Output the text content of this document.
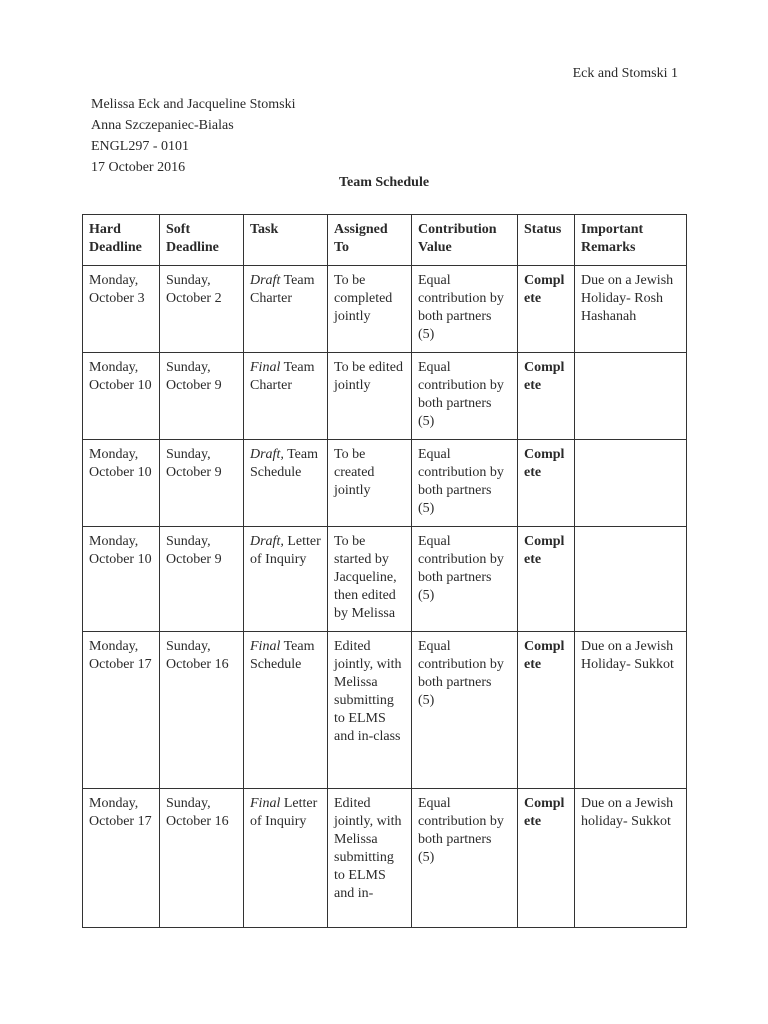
Eck and Stomski 1
Melissa Eck and Jacqueline Stomski
Anna Szczepaniec-Bialas
ENGL297 - 0101
17 October 2016
Team Schedule
Hard Deadline	Soft Deadline	Task	Assigned To	Contribution Value	Status	Important Remarks
Monday, October 3	Sunday, October 2	Draft Team Charter	To be completed jointly	Equal contribution by both partners (5)	Complete	Due on a Jewish Holiday- Rosh Hashanah
Monday, October 10	Sunday, October 9	Final Team Charter	To be edited jointly	Equal contribution by both partners (5)	Complete	
Monday, October 10	Sunday, October 9	Draft, Team Schedule	To be created jointly	Equal contribution by both partners (5)	Complete	
Monday, October 10	Sunday, October 9	Draft, Letter of Inquiry	To be started by Jacqueline, then edited by Melissa	Equal contribution by both partners (5)	Complete	
Monday, October 17	Sunday, October 16	Final Team Schedule	Edited jointly, with Melissa submitting to ELMS and in-class	Equal contribution by both partners (5)	Complete	Due on a Jewish Holiday- Sukkot
Monday, October 17	Sunday, October 16	Final Letter of Inquiry	Edited jointly, with Melissa submitting to ELMS and in-	Equal contribution by both partners (5)	Complete	Due on a Jewish holiday- Sukkot
